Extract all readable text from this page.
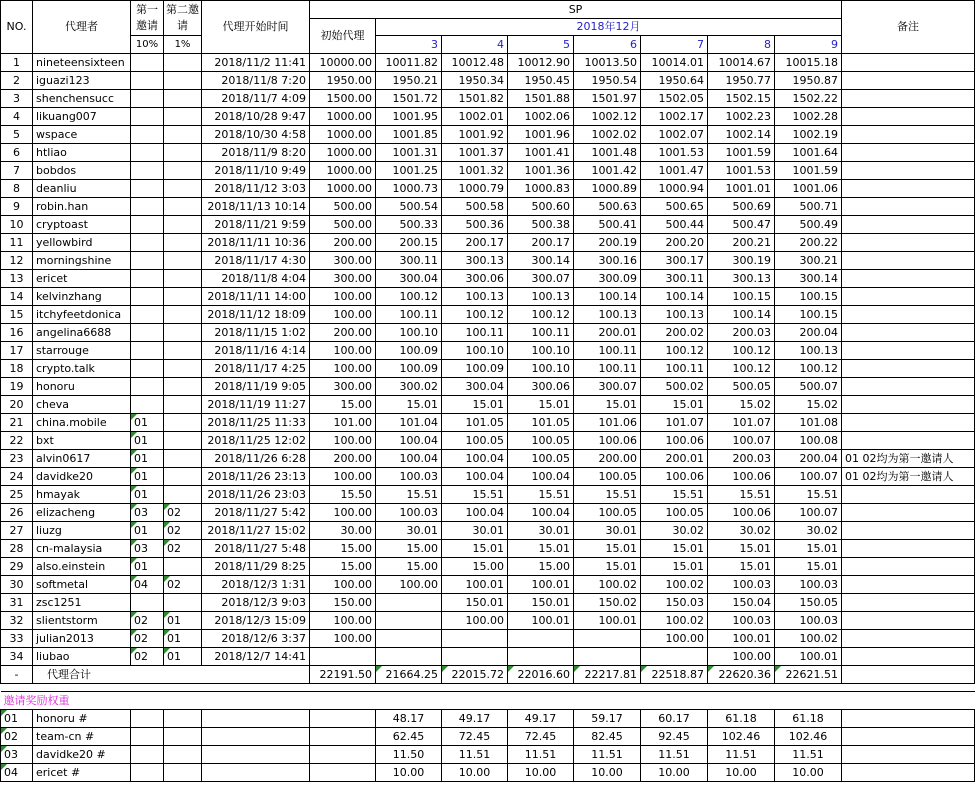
NO.	代理者	第一邀请	第二邀请	代理开始时间	SP								备注
					初始代理	2018年12月							
		10%	1%			3	4	5	6	7	8	9	
1	nineteensixteen			2018/11/2 11:41	10000.00	10011.82	10012.48	10012.90	10013.50	10014.01	10014.67	10015.18	
2	iguazi123			2018/11/8 7:20	1950.00	1950.21	1950.34	1950.45	1950.54	1950.64	1950.77	1950.87	
3	shenchensucc			2018/11/7 4:09	1500.00	1501.72	1501.82	1501.88	1501.97	1502.05	1502.15	1502.22	
4	likuang007			2018/10/28 9:47	1000.00	1001.95	1002.01	1002.06	1002.12	1002.17	1002.23	1002.28	
5	wspace			2018/10/30 4:58	1000.00	1001.85	1001.92	1001.96	1002.02	1002.07	1002.14	1002.19	
6	htliao			2018/11/9 8:20	1000.00	1001.31	1001.37	1001.41	1001.48	1001.53	1001.59	1001.64	
7	bobdos			2018/11/10 9:49	1000.00	1001.25	1001.32	1001.36	1001.42	1001.47	1001.53	1001.59	
8	deanliu			2018/11/12 3:03	1000.00	1000.73	1000.79	1000.83	1000.89	1000.94	1001.01	1001.06	
9	robin.han			2018/11/13 10:14	500.00	500.54	500.58	500.60	500.63	500.65	500.69	500.71	
10	cryptoast			2018/11/21 9:59	500.00	500.33	500.36	500.38	500.41	500.44	500.47	500.49	
11	yellowbird			2018/11/11 10:36	200.00	200.15	200.17	200.17	200.19	200.20	200.21	200.22	
12	morningshine			2018/11/17 4:30	300.00	300.11	300.13	300.14	300.16	300.17	300.19	300.21	
13	ericet			2018/11/8 4:04	300.00	300.04	300.06	300.07	300.09	300.11	300.13	300.14	
14	kelvinzhang			2018/11/11 14:00	100.00	100.12	100.13	100.13	100.14	100.14	100.15	100.15	
15	itchyfeetdonica			2018/11/12 18:09	100.00	100.11	100.12	100.12	100.13	100.13	100.14	100.15	
16	angelina6688			2018/11/15 1:02	200.00	100.10	100.11	100.11	200.01	200.02	200.03	200.04	
17	starrouge			2018/11/16 4:14	100.00	100.09	100.10	100.10	100.11	100.12	100.12	100.13	
18	crypto.talk			2018/11/17 4:25	100.00	100.09	100.09	100.10	100.11	100.11	100.12	100.12	
19	honoru			2018/11/19 9:05	300.00	300.02	300.04	300.06	300.07	500.02	500.05	500.07	
20	cheva			2018/11/19 11:27	15.00	15.01	15.01	15.01	15.01	15.01	15.02	15.02	
21	china.mobile	01		2018/11/25 11:33	101.00	101.04	101.05	101.05	101.06	101.07	101.07	101.08	
22	bxt	01		2018/11/25 12:02	100.00	100.04	100.05	100.05	100.06	100.06	100.07	100.08	
23	alvin0617	01		2018/11/26 6:28	200.00	100.04	100.04	100.05	200.00	200.01	200.03	200.04	01 02均为第一邀请人
24	davidke20	01		2018/11/26 23:13	100.00	100.03	100.04	100.04	100.05	100.06	100.06	100.07	01 02均为第一邀请人
25	hmayak	01		2018/11/26 23:03	15.50	15.51	15.51	15.51	15.51	15.51	15.51	15.51	
26	elizacheng	03	02	2018/11/27 5:42	100.00	100.03	100.04	100.04	100.05	100.05	100.06	100.07	
27	liuzg	01	02	2018/11/27 15:02	30.00	30.01	30.01	30.01	30.01	30.02	30.02	30.02	
28	cn-malaysia	03	02	2018/11/27 5:48	15.00	15.00	15.01	15.01	15.01	15.01	15.01	15.01	
29	also.einstein	01		2018/11/29 8:25	15.00	15.00	15.00	15.00	15.01	15.01	15.01	15.01	
30	softmetal	04	02	2018/12/3 1:31	100.00	100.00	100.01	100.01	100.02	100.02	100.03	100.03	
31	zsc1251			2018/12/3 9:03	150.00		150.01	150.01	150.02	150.03	150.04	150.05	
32	slientstorm	02	01	2018/12/3 15:09	100.00		100.00	100.01	100.01	100.02	100.03	100.03	
33	julian2013	02	01	2018/12/6 3:37	100.00					100.00	100.01	100.02	
34	liubao	02	01	2018/12/7 14:41							100.00	100.01	
-	代理合计				22191.50	21664.25	22015.72	22016.60	22217.81	22518.87	22620.36	22621.51	

邀请奖励权重													
01	honoru #					48.17	49.17	49.17	59.17	60.17	61.18	61.18	
02	team-cn #					62.45	72.45	72.45	82.45	92.45	102.46	102.46	
03	davidke20 #					11.50	11.51	11.51	11.51	11.51	11.51	11.51	
04	ericet #					10.00	10.00	10.00	10.00	10.00	10.00	10.00	
